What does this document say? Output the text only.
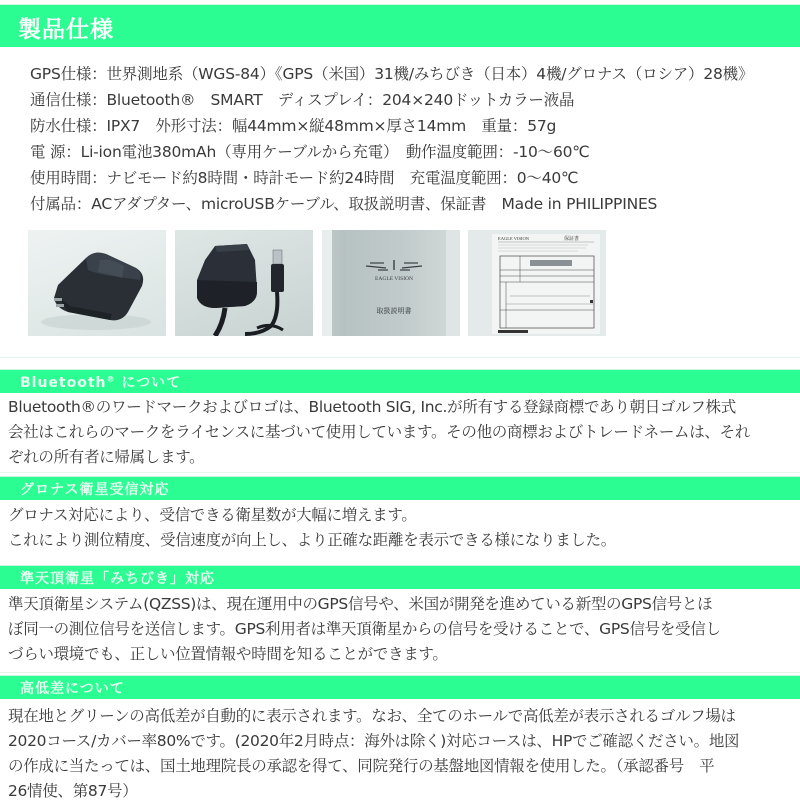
製品仕様
GPS仕様：世界測地系（WGS-84）《GPS（米国）31機/みちびき（日本）4機/グロナス（ロシア）28機》
通信仕様：Bluetooth®　SMART　ディスプレイ：204×240ドットカラー液晶
防水仕様：IPX7　外形寸法：幅44mm×縦48mm×厚さ14mm　重量：57g
電 源：Li-ion電池380mAh（専用ケーブルから充電）　動作温度範囲：-10〜60℃
使用時間：ナビモード約8時間・時計モード約24時間　充電温度範囲：0〜40℃
付属品：ACアダプター、microUSBケーブル、取扱説明書、保証書　Made in PHILIPPINES
EAGLE VISION
取扱説明書
EAGLE VISION	保証書
Bluetooth® について
Bluetooth®のワードマークおよびロゴは、Bluetooth SIG, Inc.が所有する登録商標であり朝日ゴルフ株式
会社はこれらのマークをライセンスに基づいて使用しています。その他の商標およびトレードネームは、それ
ぞれの所有者に帰属します。
グロナス衛星受信対応
グロナス対応により、受信できる衛星数が大幅に増えます。
これにより測位精度、受信速度が向上し、より正確な距離を表示できる様になりました。
準天頂衛星「みちびき」対応
準天頂衛星システム(QZSS)は、現在運用中のGPS信号や、米国が開発を進めている新型のGPS信号とほ
ぼ同一の測位信号を送信します。GPS利用者は準天頂衛星からの信号を受けることで、GPS信号を受信し
づらい環境でも、正しい位置情報や時間を知ることができます。
高低差について
現在地とグリーンの高低差が自動的に表示されます。なお、全てのホールで高低差が表示されるゴルフ場は
2020コース/カバー率80%です。(2020年2月時点：海外は除く)対応コースは、HPでご確認ください。地図
の作成に当たっては、国土地理院長の承認を得て、同院発行の基盤地図情報を使用した。（承認番号　平
26情使、第87号）
